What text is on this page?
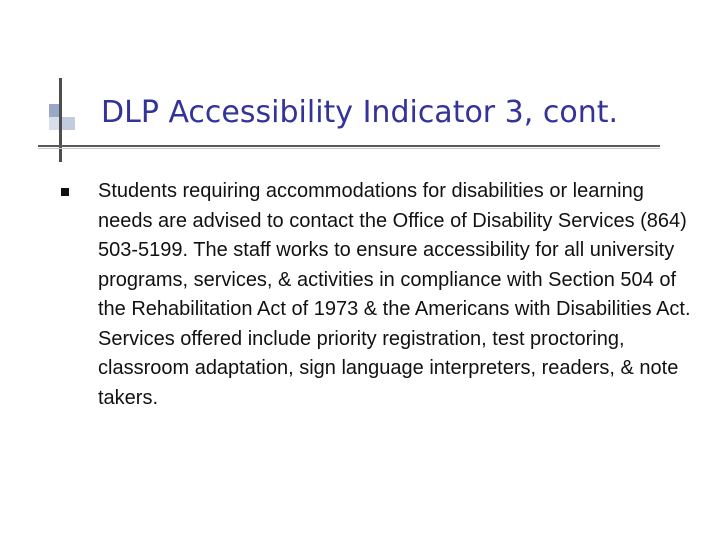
DLP Accessibility Indicator 3, cont.
Students requiring accommodations for disabilities or learning needs are advised to contact the Office of Disability Services (864) 503-5199. The staff works to ensure accessibility for all university programs, services, & activities in compliance with Section 504 of the Rehabilitation Act of 1973 & the Americans with Disabilities Act. Services offered include priority registration, test proctoring, classroom adaptation, sign language interpreters, readers, & note takers.
